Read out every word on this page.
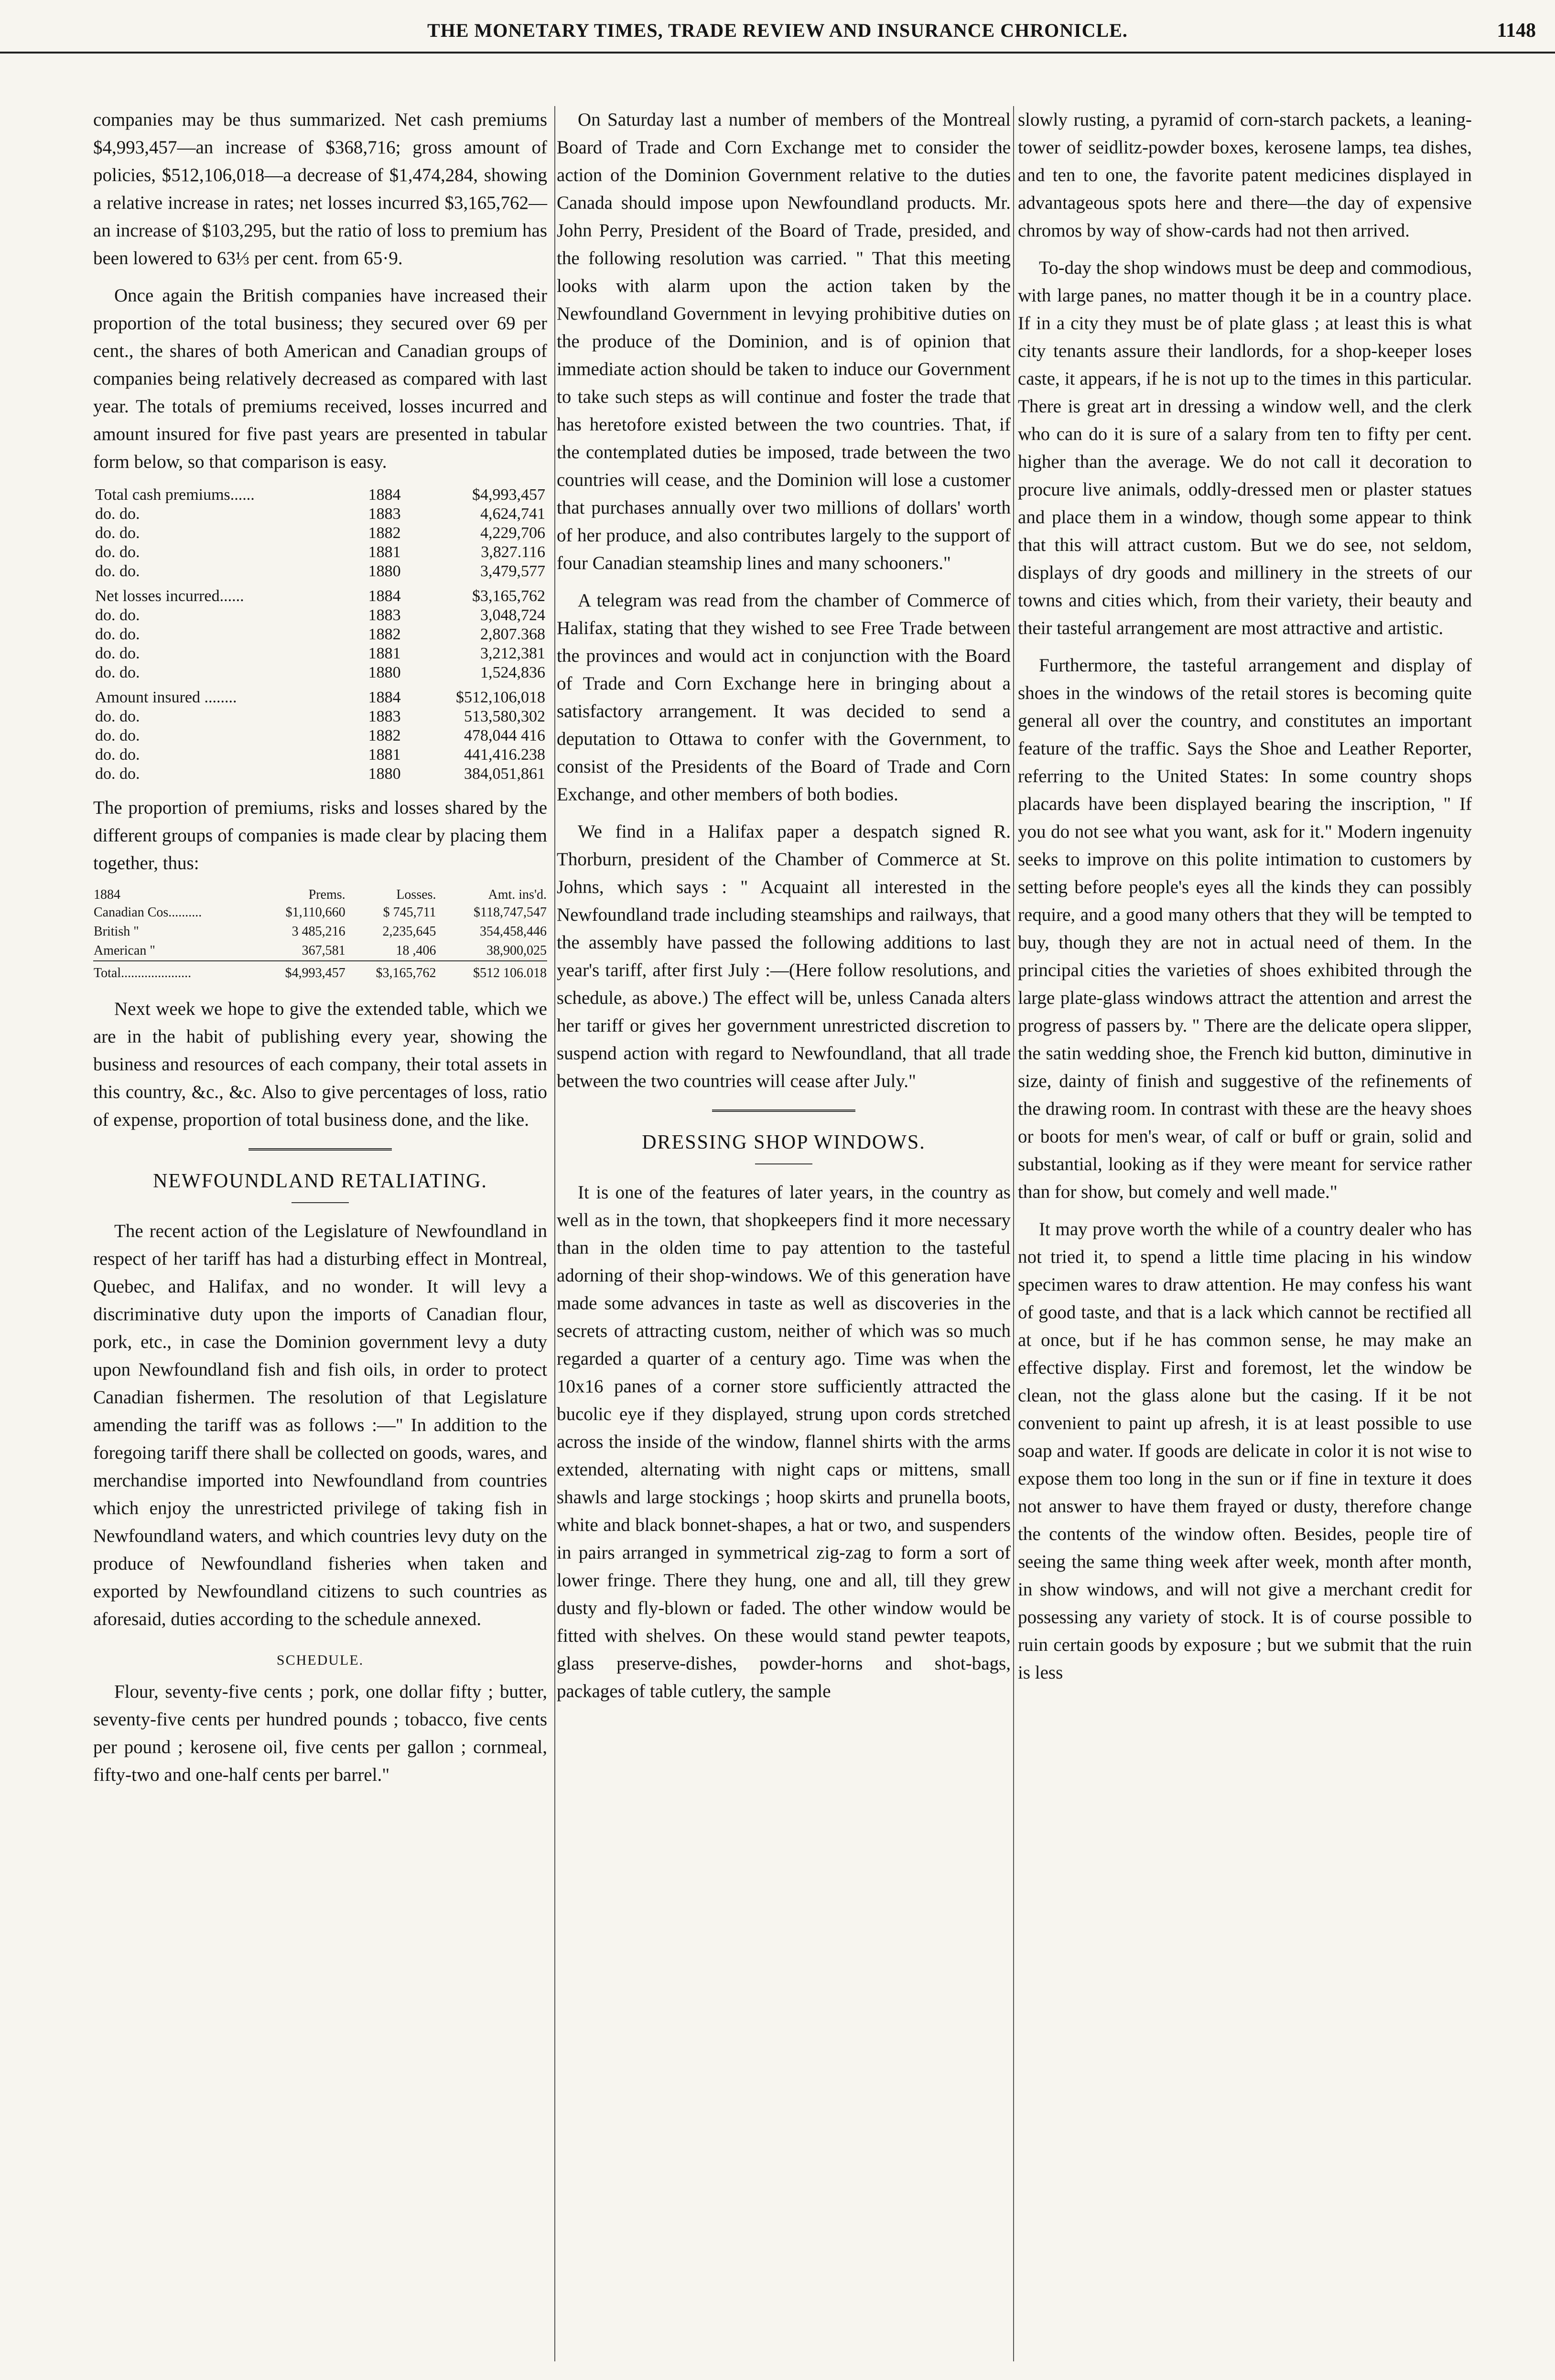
THE MONETARY TIMES, TRADE REVIEW AND INSURANCE CHRONICLE.	1148

companies may be thus summarized. Net cash premiums $4,993,457—an increase of $368,716; gross amount of policies, $512,106,018—a decrease of $1,474,284, showing a relative increase in rates; net losses incurred $3,165,762—an increase of $103,295, but the ratio of loss to premium has been lowered to 63⅓ per cent. from 65·9.

Once again the British companies have increased their proportion of the total business; they secured over 69 per cent., the shares of both American and Canadian groups of companies being relatively decreased as compared with last year. The totals of premiums received, losses incurred and amount insured for five past years are presented in tabular form below, so that comparison is easy.

Total cash premiums......	1884	$4,993,457
do. do.	1883	4,624,741
do. do.	1882	4,229,706
do. do.	1881	3,827.116
do. do.	1880	3,479,577
Net losses incurred......	1884	$3,165,762
do. do.	1883	3,048,724
do. do.	1882	2,807.368
do. do.	1881	3,212,381
do. do.	1880	1,524,836
Amount insured ........	1884	$512,106,018
do. do.	1883	513,580,302
do. do.	1882	478,044 416
do. do.	1881	441,416.238
do. do.	1880	384,051,861

The proportion of premiums, risks and losses shared by the different groups of companies is made clear by placing them together, thus:

1884	Prems.	Losses.	Amt. ins'd.
Canadian Cos..........	$1,110,660	$ 745,711	$118,747,547
British "	3 485,216	2,235,645	354,458,446
American "	367,581	18 ,406	38,900,025
Total.....................	$4,993,457	$3,165,762	$512 106.018

Next week we hope to give the extended table, which we are in the habit of publishing every year, showing the business and resources of each company, their total assets in this country, &c., &c. Also to give percentages of loss, ratio of expense, proportion of total business done, and the like.

NEWFOUNDLAND RETALIATING.

The recent action of the Legislature of Newfoundland in respect of her tariff has had a disturbing effect in Montreal, Quebec, and Halifax, and no wonder. It will levy a discriminative duty upon the imports of Canadian flour, pork, etc., in case the Dominion government levy a duty upon Newfoundland fish and fish oils, in order to protect Canadian fishermen. The resolution of that Legislature amending the tariff was as follows :—" In addition to the foregoing tariff there shall be collected on goods, wares, and merchandise imported into Newfoundland from countries which enjoy the unrestricted privilege of taking fish in Newfoundland waters, and which countries levy duty on the produce of Newfoundland fisheries when taken and exported by Newfoundland citizens to such countries as aforesaid, duties according to the schedule annexed.

SCHEDULE.

Flour, seventy-five cents ; pork, one dollar fifty ; butter, seventy-five cents per hundred pounds ; tobacco, five cents per pound ; kerosene oil, five cents per gallon ; cornmeal, fifty-two and one-half cents per barrel."

On Saturday last a number of members of the Montreal Board of Trade and Corn Exchange met to consider the action of the Dominion Government relative to the duties Canada should impose upon Newfoundland products. Mr. John Perry, President of the Board of Trade, presided, and the following resolution was carried. " That this meeting looks with alarm upon the action taken by the Newfoundland Government in levying prohibitive duties on the produce of the Dominion, and is of opinion that immediate action should be taken to induce our Government to take such steps as will continue and foster the trade that has heretofore existed between the two countries. That, if the contemplated duties be imposed, trade between the two countries will cease, and the Dominion will lose a customer that purchases annually over two millions of dollars' worth of her produce, and also contributes largely to the support of four Canadian steamship lines and many schooners."

A telegram was read from the chamber of Commerce of Halifax, stating that they wished to see Free Trade between the provinces and would act in conjunction with the Board of Trade and Corn Exchange here in bringing about a satisfactory arrangement. It was decided to send a deputation to Ottawa to confer with the Government, to consist of the Presidents of the Board of Trade and Corn Exchange, and other members of both bodies.

We find in a Halifax paper a despatch signed R. Thorburn, president of the Chamber of Commerce at St. Johns, which says : " Acquaint all interested in the Newfoundland trade including steamships and railways, that the assembly have passed the following additions to last year's tariff, after first July :—(Here follow resolutions, and schedule, as above.) The effect will be, unless Canada alters her tariff or gives her government unrestricted discretion to suspend action with regard to Newfoundland, that all trade between the two countries will cease after July."

DRESSING SHOP WINDOWS.

It is one of the features of later years, in the country as well as in the town, that shopkeepers find it more necessary than in the olden time to pay attention to the tasteful adorning of their shop-windows. We of this generation have made some advances in taste as well as discoveries in the secrets of attracting custom, neither of which was so much regarded a quarter of a century ago. Time was when the 10x16 panes of a corner store sufficiently attracted the bucolic eye if they displayed, strung upon cords stretched across the inside of the window, flannel shirts with the arms extended, alternating with night caps or mittens, small shawls and large stockings ; hoop skirts and prunella boots, white and black bonnet-shapes, a hat or two, and suspenders in pairs arranged in symmetrical zig-zag to form a sort of lower fringe. There they hung, one and all, till they grew dusty and fly-blown or faded. The other window would be fitted with shelves. On these would stand pewter teapots, glass preserve-dishes, powder-horns and shot-bags, packages of table cutlery, the sample

slowly rusting, a pyramid of corn-starch packets, a leaning-tower of seidlitz-powder boxes, kerosene lamps, tea dishes, and ten to one, the favorite patent medicines displayed in advantageous spots here and there—the day of expensive chromos by way of show-cards had not then arrived.

To-day the shop windows must be deep and commodious, with large panes, no matter though it be in a country place. If in a city they must be of plate glass ; at least this is what city tenants assure their landlords, for a shop-keeper loses caste, it appears, if he is not up to the times in this particular. There is great art in dressing a window well, and the clerk who can do it is sure of a salary from ten to fifty per cent. higher than the average. We do not call it decoration to procure live animals, oddly-dressed men or plaster statues and place them in a window, though some appear to think that this will attract custom. But we do see, not seldom, displays of dry goods and millinery in the streets of our towns and cities which, from their variety, their beauty and their tasteful arrangement are most attractive and artistic.

Furthermore, the tasteful arrangement and display of shoes in the windows of the retail stores is becoming quite general all over the country, and constitutes an important feature of the traffic. Says the Shoe and Leather Reporter, referring to the United States: In some country shops placards have been displayed bearing the inscription, " If you do not see what you want, ask for it." Modern ingenuity seeks to improve on this polite intimation to customers by setting before people's eyes all the kinds they can possibly require, and a good many others that they will be tempted to buy, though they are not in actual need of them. In the principal cities the varieties of shoes exhibited through the large plate-glass windows attract the attention and arrest the progress of passers by. " There are the delicate opera slipper, the satin wedding shoe, the French kid button, diminutive in size, dainty of finish and suggestive of the refinements of the drawing room. In contrast with these are the heavy shoes or boots for men's wear, of calf or buff or grain, solid and substantial, looking as if they were meant for service rather than for show, but comely and well made."

It may prove worth the while of a country dealer who has not tried it, to spend a little time placing in his window specimen wares to draw attention. He may confess his want of good taste, and that is a lack which cannot be rectified all at once, but if he has common sense, he may make an effective display. First and foremost, let the window be clean, not the glass alone but the casing. If it be not convenient to paint up afresh, it is at least possible to use soap and water. If goods are delicate in color it is not wise to expose them too long in the sun or if fine in texture it does not answer to have them frayed or dusty, therefore change the contents of the window often. Besides, people tire of seeing the same thing week after week, month after month, in show windows, and will not give a merchant credit for possessing any variety of stock. It is of course possible to ruin certain goods by exposure ; but we submit that the ruin is less
